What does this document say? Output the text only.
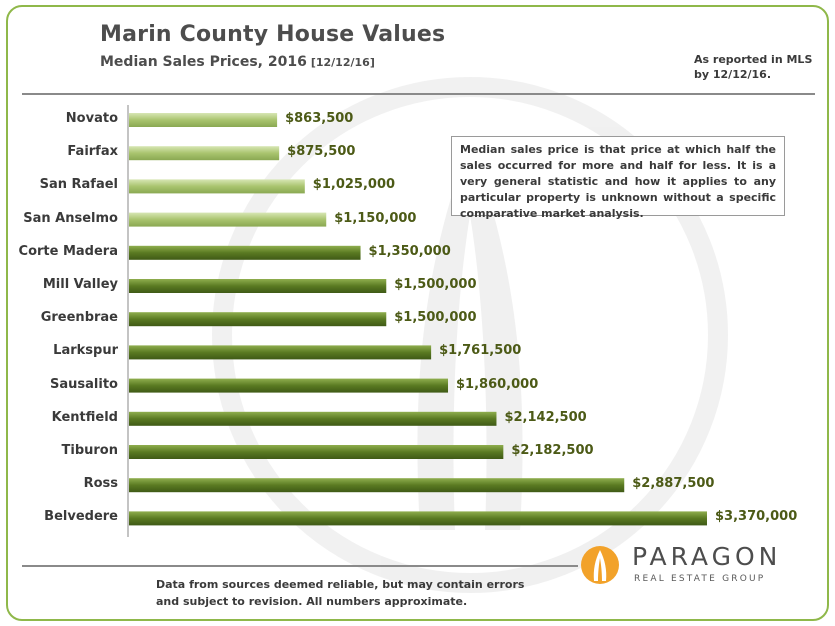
Marin County House Values
Median Sales Prices, 2016 [12/12/16]	As reported in MLS by 12/12/16.
Novato	$863,500
Fairfax	$875,500
San Rafael	$1,025,000
San Anselmo	$1,150,000
Corte Madera	$1,350,000
Mill Valley	$1,500,000
Greenbrae	$1,500,000
Larkspur	$1,761,500
Sausalito	$1,860,000
Kentfield	$2,142,500
Tiburon	$2,182,500
Ross	$2,887,500
Belvedere	$3,370,000
Median sales price is that price at which half the sales occurred for more and half for less. It is a very general statistic and how it applies to any particular property is unknown without a specific comparative market analysis.
Data from sources deemed reliable, but may contain errors and subject to revision. All numbers approximate.
PARAGON
REAL ESTATE GROUP
